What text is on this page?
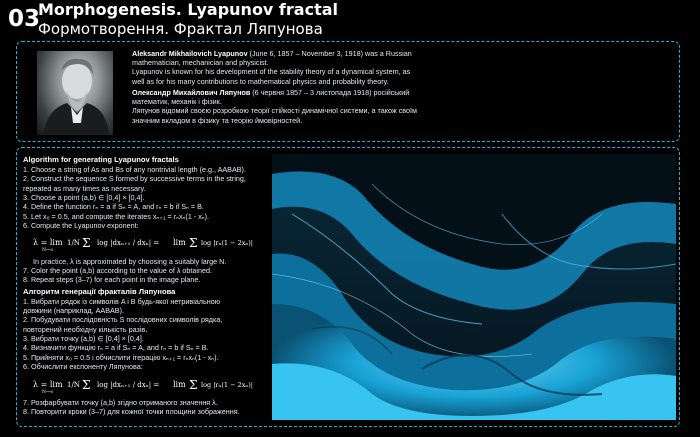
03
Morphogenesis. Lyapunov fractal
Формотворення. Фрактал Ляпунова

Aleksandr Mikhailovich Lyapunov (June 6, 1857 – November 3, 1918) was a Russian
mathematician, mechanician and physicist.
Lyapunov is known for his development of the stability theory of a dynamical system, as
well as for his many contributions to mathematical physics and probability theory.

Олександр Михайлович Ляпунов (6 червня 1857 – 3 листопада 1918) російський
математик, механік і фізик.
Ляпунов відомий своєю розробкою теорії стійкості динамічної системи, а також своїм
значним вкладом в фізику та теорію ймовірностей.

Algorithm for generating Lyapunov fractals
1. Choose a string of As and Bs of any nontrivial length (e.g., AABAB).
2. Construct the sequence S formed by successive terms in the string,
repeated as many times as necessary.
3. Choose a point (a,b) ∈ [0,4] × [0,4].
4. Define the function rₙ = a if Sₙ = A, and rₙ = b if Sₙ = B.
5. Let x₀ = 0.5, and compute the iterates xₙ₊₁ = rₙxₙ(1 - xₙ).
6. Compute the Lyapunov exponent:
λ = lim
N→∞
1/N Σ log |dxₙ₊₁ / dxₙ| = lim Σ log |rₙ(1 − 2xₙ)|
In practice, λ is approximated by choosing a suitably large N.
7. Color the point (a,b) according to the value of λ obtained.
8. Repeat steps (3–7) for each point in the image plane.
Алгоритм генерації фракталів Ляпунова
1. Вибрати рядок із символів A і B будь-якої нетривіальною
довжини (наприклад, AABAB).
2. Побудувати послідовність S послідовних символів рядка,
повторений необхідну кількість разів.
3. Вибрати точку (a,b) ∈ [0,4] × [0,4].
4. Визначити функцію rₙ = a if Sₙ = A, and rₙ = b if Sₙ = B.
5. Прийняти x₀ = 0.5 і обчислити ітерацію xₙ₊₁ = rₙxₙ(1 - xₙ).
6. Обчислити експоненту Ляпунова:
λ = lim
N→∞
1/N Σ log |dxₙ₊₁ / dxₙ| = lim Σ log |rₙ(1 − 2xₙ)|
7. Розфарбувати точку (a,b) згідно отриманого значення λ.
8. Повторити кроки (3–7) для кожної точки площини зображення.
